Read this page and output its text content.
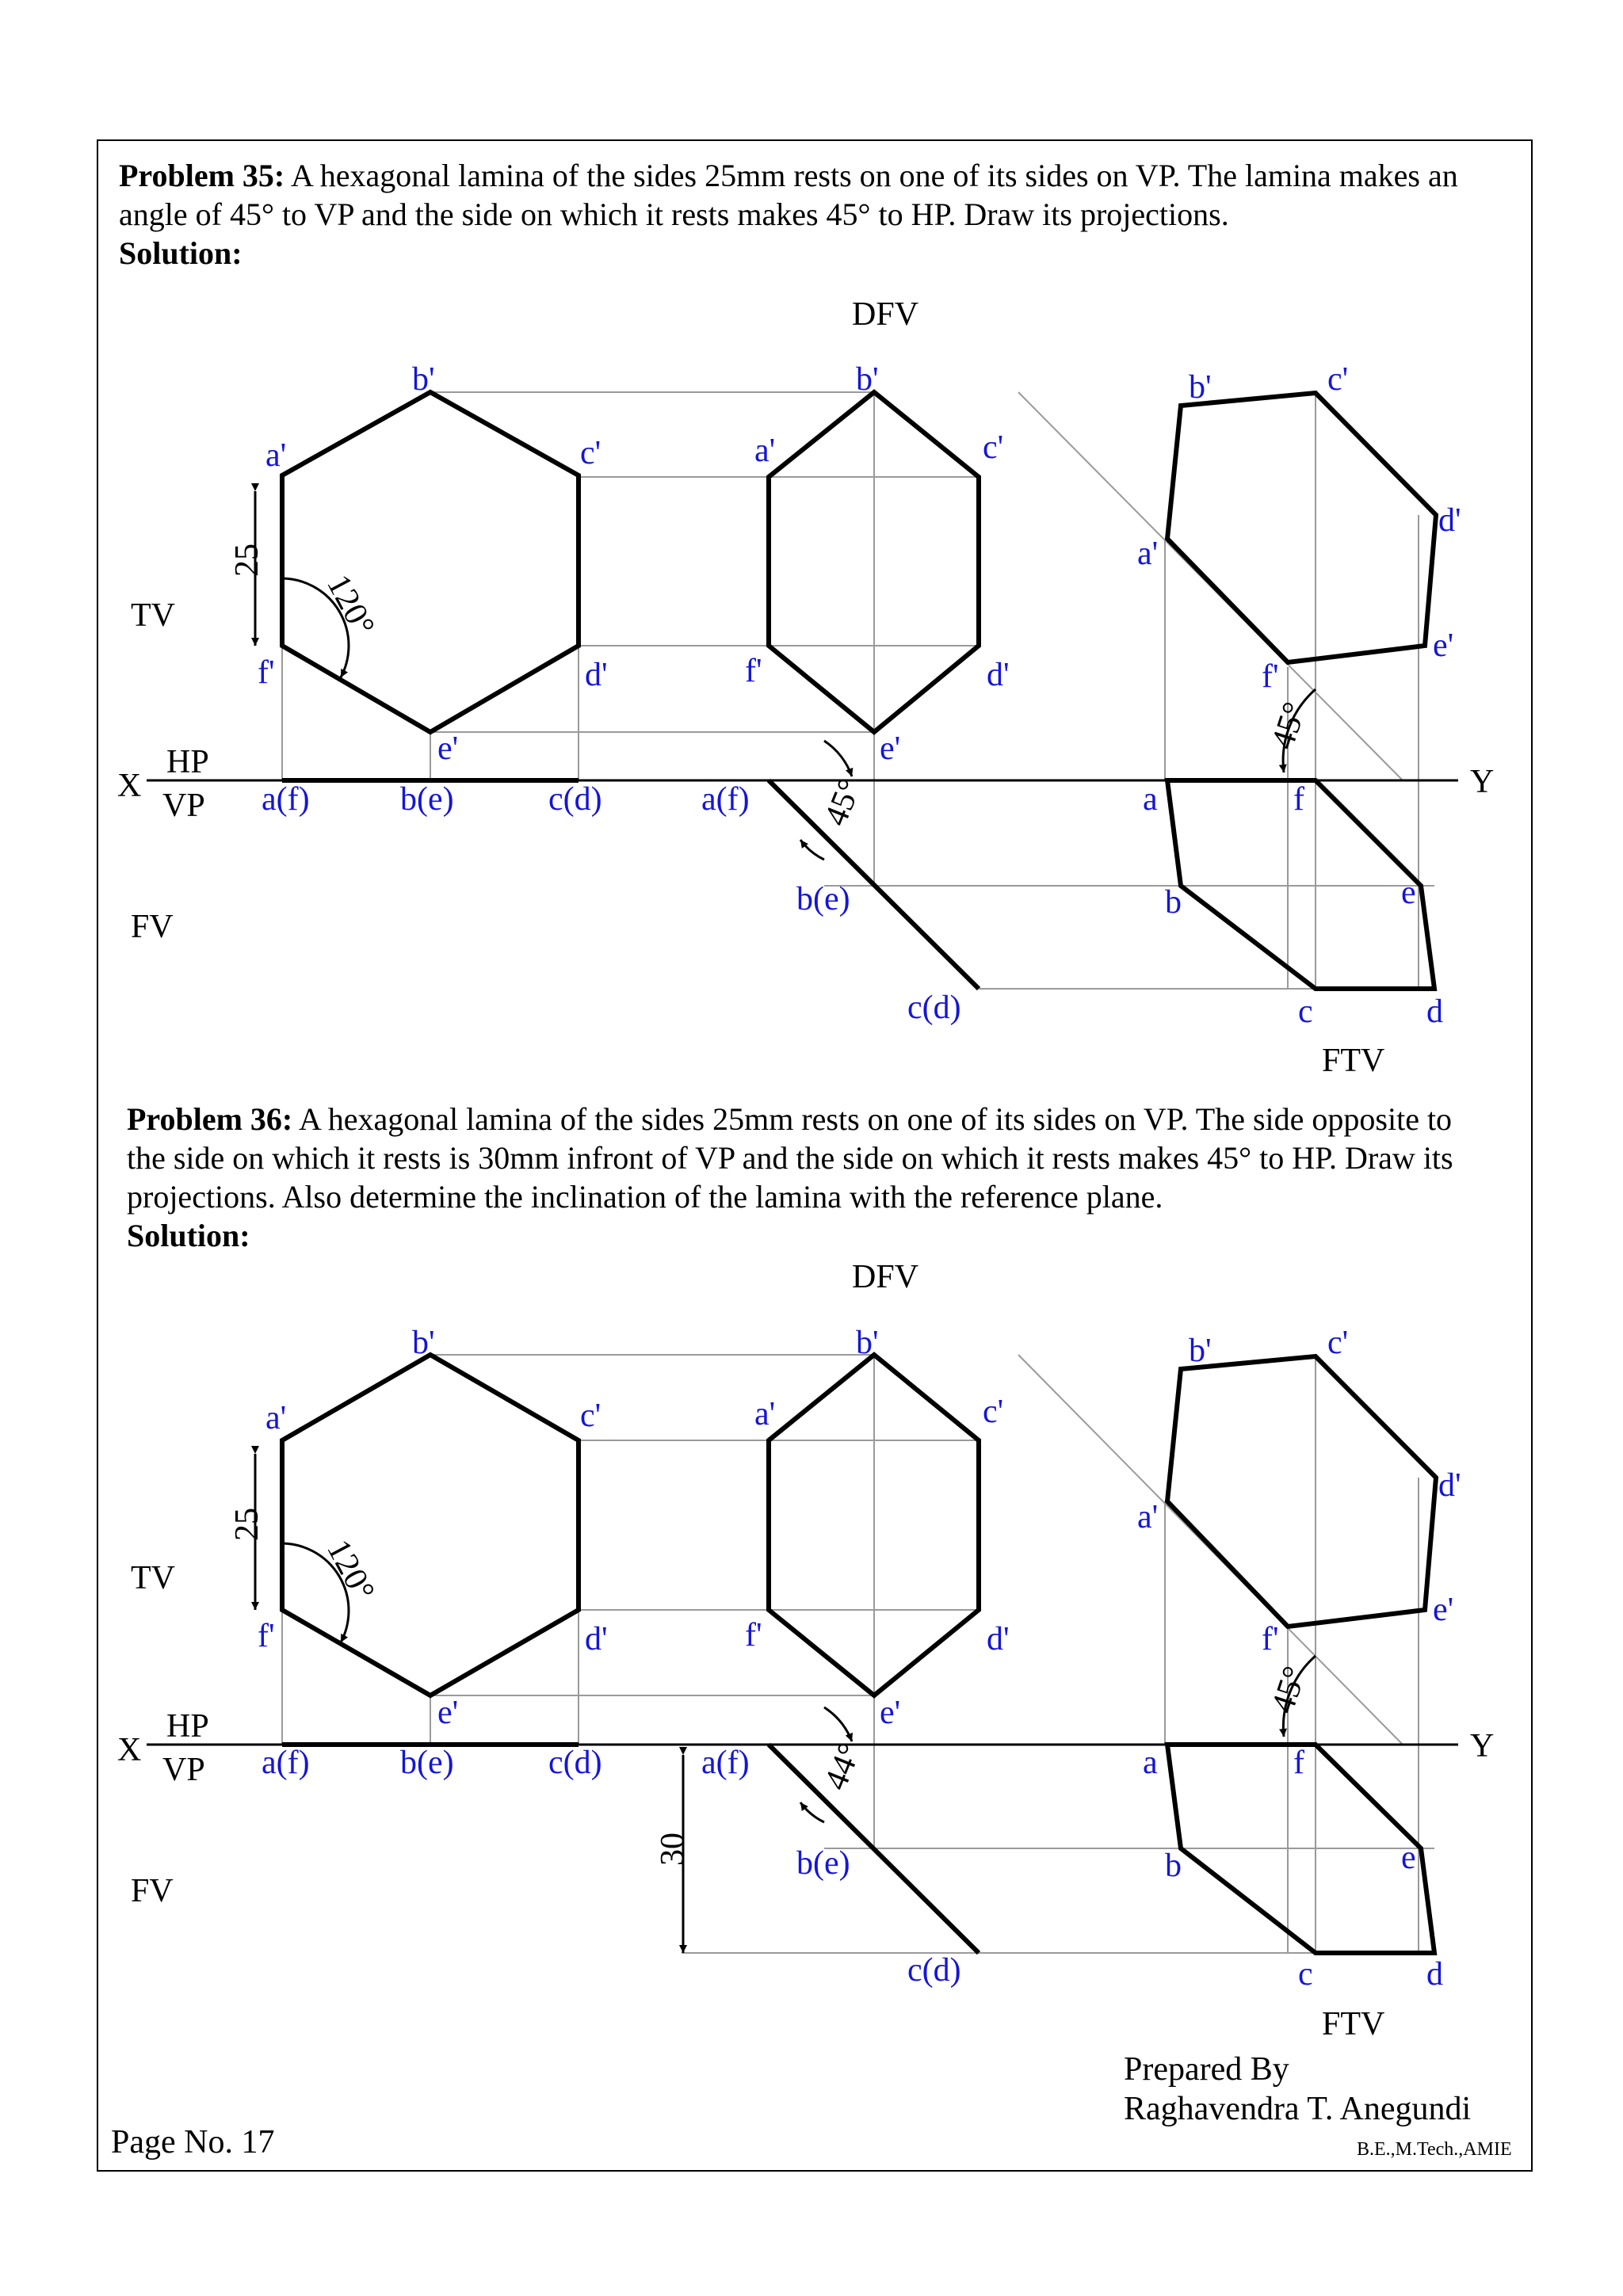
Problem 35: A hexagonal lamina of the sides 25mm rests on one of its sides on VP. The lamina makes an angle of 45° to VP and the side on which it rests makes 45° to HP. Draw its projections.
Solution:
Problem 36: A hexagonal lamina of the sides 25mm rests on one of its sides on VP. The side opposite to the side on which it rests is 30mm infront of VP and the side on which it rests makes 45° to HP. Draw its projections. Also determine the inclination of the lamina with the reference plane.
Solution:
b'
a'	c'
f'	d'
e'
b'
a'	c'
f'	d'
e'
b'	c'
d'
a'
e'
f'
a(f)	b(e)	c(d)	a(f)
b(e)
c(d)
a	f
b	e
c	d
DFV
FTV
TV
FV
X	Y
HP
VP
25
120°
45°
45°
b'
a'	c'
f'	d'
e'
b'
a'	c'
f'	d'
e'
b'	c'
d'
a'
e'
f'
a(f)	b(e)	c(d)	a(f)
b(e)
c(d)
a	f
b	e
c	d
DFV
FTV
TV
FV
X	Y
HP
VP
25
120°
30
44°
45°
Page No. 17
Prepared By
Raghavendra T. Anegundi
B.E.,M.Tech.,AMIE
